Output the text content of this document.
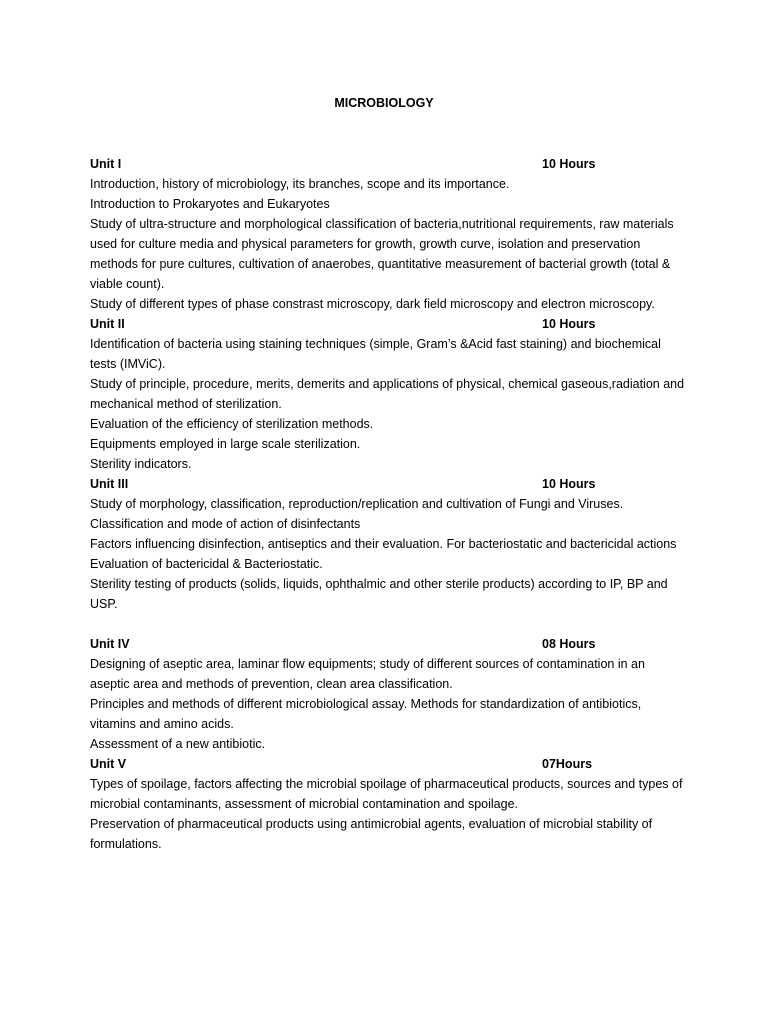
MICROBIOLOGY
Unit I	10 Hours

Introduction, history of microbiology, its branches, scope and its importance.

Introduction to Prokaryotes and Eukaryotes

Study of ultra-structure and morphological classification of bacteria,nutritional requirements, raw materials used for culture media and physical parameters for growth, growth curve, isolation and preservation methods for pure cultures, cultivation of anaerobes, quantitative measurement of bacterial growth (total & viable count).

Study of different types of phase constrast microscopy, dark field microscopy and electron microscopy.

Unit II	10 Hours

Identification of bacteria using staining techniques (simple, Gram’s &Acid fast staining) and biochemical tests (IMViC).

Study of principle, procedure, merits, demerits and applications of physical, chemical gaseous,radiation and mechanical method of sterilization.

Evaluation of the efficiency of sterilization methods.

Equipments employed in large scale sterilization.

Sterility indicators.

Unit III	10 Hours

Study of morphology, classification, reproduction/replication and cultivation of Fungi and Viruses.

Classification and mode of action of disinfectants

Factors influencing disinfection, antiseptics and their evaluation. For bacteriostatic and bactericidal actions Evaluation of bactericidal & Bacteriostatic.

Sterility testing of products (solids, liquids, ophthalmic and other sterile products) according to IP, BP and USP.

Unit IV	08 Hours

Designing of aseptic area, laminar flow equipments; study of different sources of contamination in an aseptic area and methods of prevention, clean area classification.

Principles and methods of different microbiological assay. Methods for standardization of antibiotics, vitamins and amino acids.

Assessment of a new antibiotic.

Unit V	07Hours

Types of spoilage, factors affecting the microbial spoilage of pharmaceutical products, sources and types of microbial contaminants, assessment of microbial contamination and spoilage.

Preservation of pharmaceutical products using antimicrobial agents, evaluation of microbial stability of formulations.
